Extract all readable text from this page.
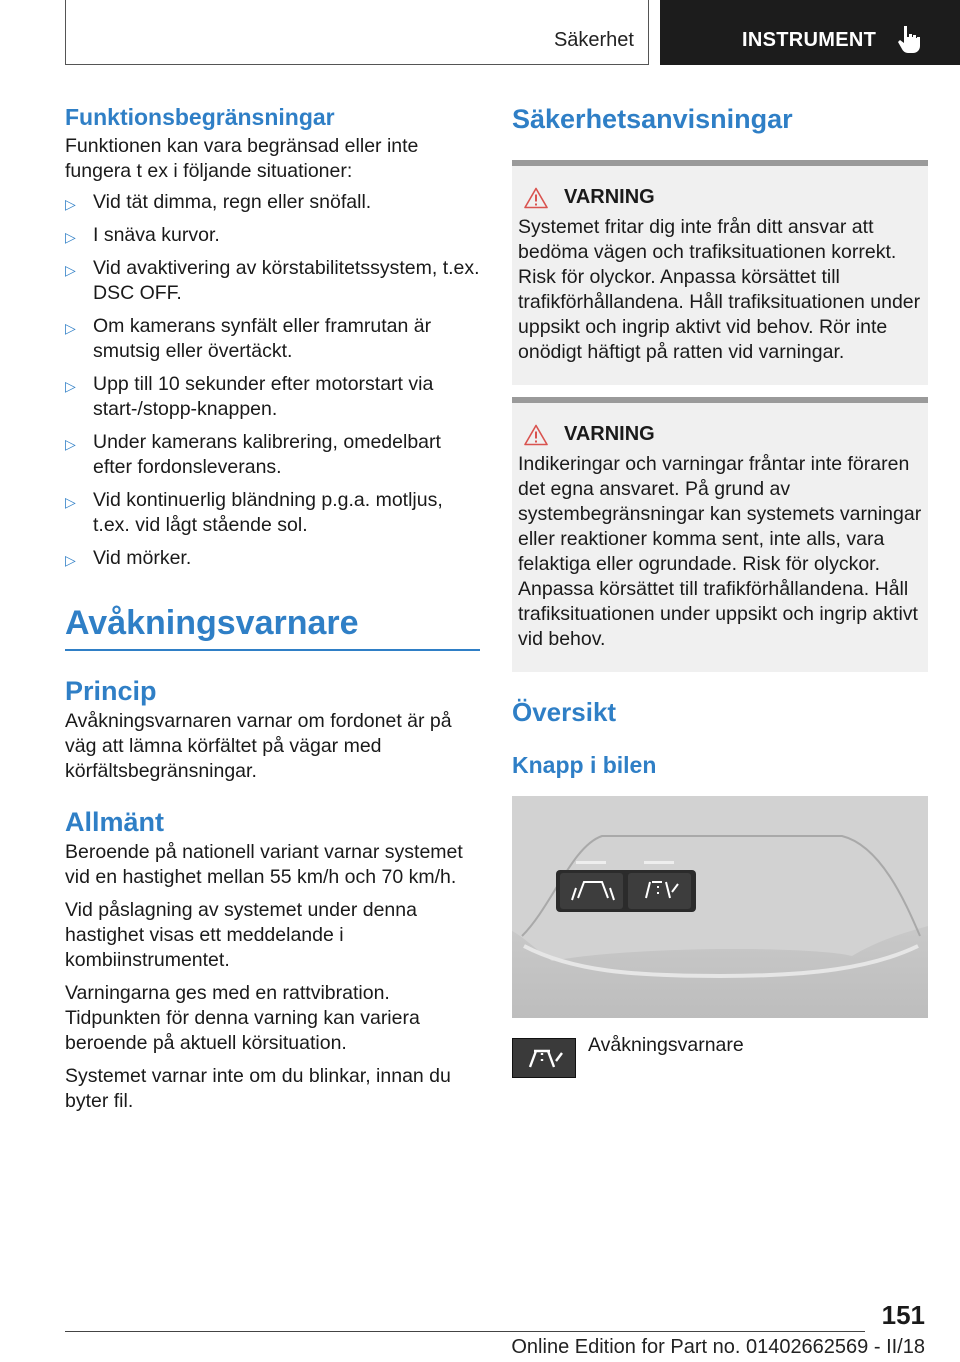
Säkerhet	INSTRUMENT
Funktionsbegränsningar
Funktionen kan vara begränsad eller inte fungera t ex i följande situationer:
▷ Vid tät dimma, regn eller snöfall.
▷ I snäva kurvor.
▷ Vid avaktivering av körstabilitetssystem, t.ex. DSC OFF.
▷ Om kamerans synfält eller framrutan är smutsig eller övertäckt.
▷ Upp till 10 sekunder efter motorstart via start-/stopp-knappen.
▷ Under kamerans kalibrering, omedelbart efter fordonsleverans.
▷ Vid kontinuerlig bländning p.g.a. motljus, t.ex. vid lågt stående sol.
▷ Vid mörker.
Avåkningsvarnare
Princip
Avåkningsvarnaren varnar om fordonet är på väg att lämna körfältet på vägar med körfältsbegränsningar.
Allmänt
Beroende på nationell variant varnar systemet vid en hastighet mellan 55 km/h och 70 km/h.
Vid påslagning av systemet under denna hastighet visas ett meddelande i kombiinstrumentet.
Varningarna ges med en rattvibration. Tidpunkten för denna varning kan variera beroende på aktuell körsituation.
Systemet varnar inte om du blinkar, innan du byter fil.
Säkerhetsanvisningar
VARNING
Systemet fritar dig inte från ditt ansvar att bedöma vägen och trafiksituationen korrekt. Risk för olyckor. Anpassa körsättet till trafikförhållandena. Håll trafiksituationen under uppsikt och ingrip aktivt vid behov. Rör inte onödigt häftigt på ratten vid varningar.
VARNING
Indikeringar och varningar fråntar inte föraren det egna ansvaret. På grund av systembegränsningar kan systemets varningar eller reaktioner komma sent, inte alls, vara felaktiga eller ogrundade. Risk för olyckor. Anpassa körsättet till trafikförhållandena. Håll trafiksituationen under uppsikt och ingrip aktivt vid behov.
Översikt
Knapp i bilen
Avåkningsvarnare
151
Online Edition for Part no. 01402662569 - II/18
